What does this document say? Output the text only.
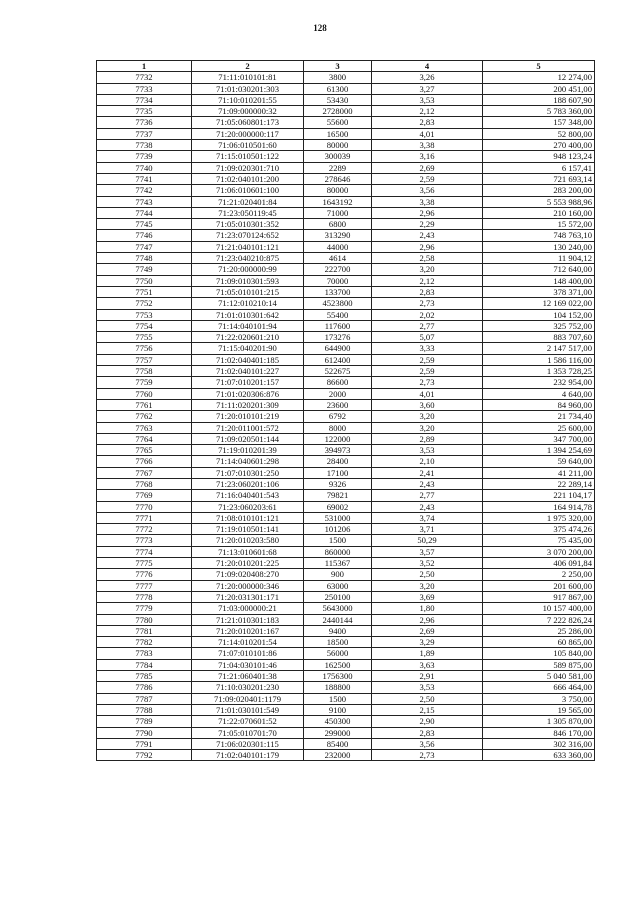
128
1	2	3	4	5
7732	71:11:010101:81	3800	3,26	12 274,00
7733	71:01:030201:303	61300	3,27	200 451,00
7734	71:10:010201:55	53430	3,53	188 607,90
7735	71:09:000000:32	2728000	2,12	5 783 360,00
7736	71:05:060801:173	55600	2,83	157 348,00
7737	71:20:000000:117	16500	4,01	52 800,00
7738	71:06:010501:60	80000	3,38	270 400,00
7739	71:15:010501:122	300039	3,16	948 123,24
7740	71:09:020301:710	2289	2,69	6 157,41
7741	71:02:040101:200	278646	2,59	721 693,14
7742	71:06:010601:100	80000	3,56	283 200,00
7743	71:21:020401:84	1643192	3,38	5 553 988,96
7744	71:23:050119:45	71000	2,96	210 160,00
7745	71:05:010301:352	6800	2,29	15 572,00
7746	71:23:070124:652	313290	2,43	748 763,10
7747	71:21:040101:121	44000	2,96	130 240,00
7748	71:23:040210:875	4614	2,58	11 904,12
7749	71:20:000000:99	222700	3,20	712 640,00
7750	71:09:010301:593	70000	2,12	148 400,00
7751	71:05:010101:215	133700	2,83	378 371,00
7752	71:12:010210:14	4523800	2,73	12 169 022,00
7753	71:01:010301:642	55400	2,02	104 152,00
7754	71:14:040101:94	117600	2,77	325 752,00
7755	71:22:020601:210	173276	5,07	883 707,60
7756	71:15:040201:90	644900	3,33	2 147 517,00
7757	71:02:040401:185	612400	2,59	1 586 116,00
7758	71:02:040101:227	522675	2,59	1 353 728,25
7759	71:07:010201:157	86600	2,73	232 954,00
7760	71:01:020306:876	2000	4,01	4 640,00
7761	71:11:020201:309	23600	3,60	84 960,00
7762	71:20:010101:219	6792	3,20	21 734,40
7763	71:20:011001:572	8000	3,20	25 600,00
7764	71:09:020501:144	122000	2,89	347 700,00
7765	71:19:010201:39	394973	3,53	1 394 254,69
7766	71:14:040601:298	28400	2,10	59 640,00
7767	71:07:010301:250	17100	2,41	41 211,00
7768	71:23:060201:106	9326	2,43	22 289,14
7769	71:16:040401:543	79821	2,77	221 104,17
7770	71:23:060203:61	69002	2,43	164 914,78
7771	71:08:010101:121	531000	3,74	1 975 320,00
7772	71:19:010501:141	101206	3,71	375 474,26
7773	71:20:010203:580	1500	50,29	75 435,00
7774	71:13:010601:68	860000	3,57	3 070 200,00
7775	71:20:010201:225	115367	3,52	406 091,84
7776	71:09:020408:270	900	2,50	2 250,00
7777	71:20:000000:346	63000	3,20	201 600,00
7778	71:20:031301:171	250100	3,69	917 867,00
7779	71:03:000000:21	5643000	1,80	10 157 400,00
7780	71:21:010301:183	2440144	2,96	7 222 826,24
7781	71:20:010201:167	9400	2,69	25 286,00
7782	71:14:010201:54	18500	3,29	60 865,00
7783	71:07:010101:86	56000	1,89	105 840,00
7784	71:04:030101:46	162500	3,63	589 875,00
7785	71:21:060401:38	1756300	2,91	5 040 581,00
7786	71:10:030201:230	188800	3,53	666 464,00
7787	71:09:020401:1179	1500	2,50	3 750,00
7788	71:01:030101:549	9100	2,15	19 565,00
7789	71:22:070601:52	450300	2,90	1 305 870,00
7790	71:05:010701:70	299000	2,83	846 170,00
7791	71:06:020301:115	85400	3,56	302 316,00
7792	71:02:040101:179	232000	2,73	633 360,00
